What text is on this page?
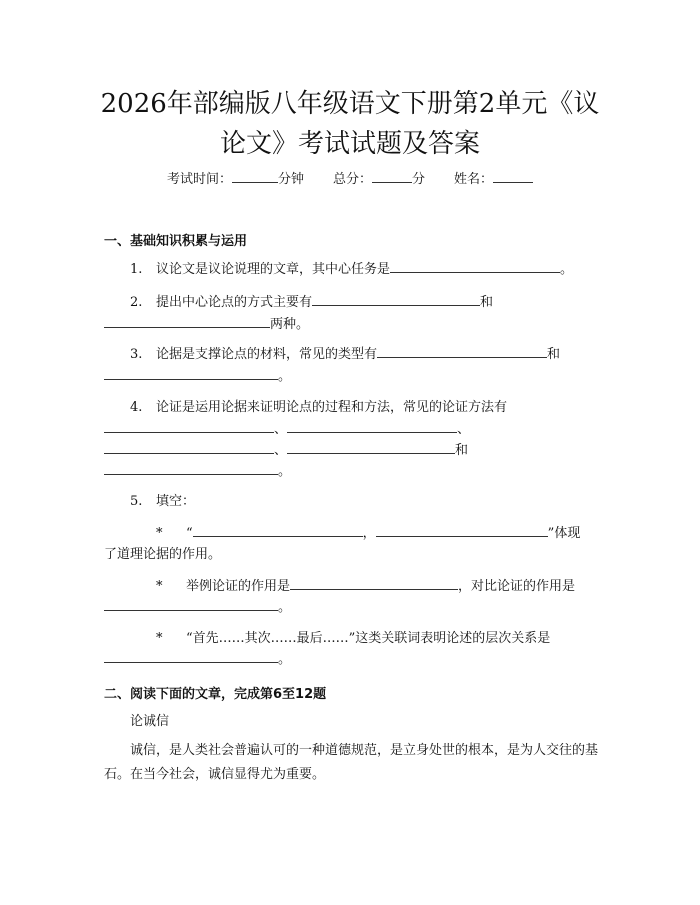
2026年部编版八年级语文下册第2单元《议
论文》考试试题及答案
考试时间：	分钟 总分：	分 姓名：
一、基础知识积累与运用
1. 议论文是议论说理的文章，其中心任务是	。
2. 提出中心论点的方式主要有	和
两种。
3. 论据是支撑论点的材料，常见的类型有	和
。
4. 论证是运用论据来证明论点的过程和方法，常见的论证方法有
、	、
、	和
。
5. 填空：
* “	，	”体现
了道理论据的作用。
* 举例论证的作用是	，对比论证的作用是
。
* “首先……其次……最后……”这类关联词表明论述的层次关系是
。
二、阅读下面的文章，完成第6至12题
论诚信

诚信，是人类社会普遍认可的一种道德规范，是立身处世的根本，是为人交往的基石。在当今社会，诚信显得尤为重要。
